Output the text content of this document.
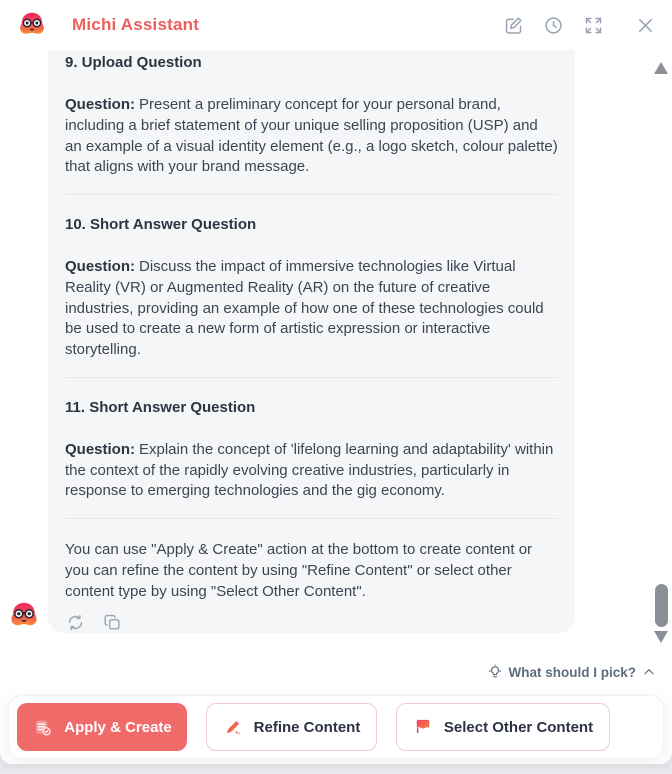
Michi Assistant
9. Upload Question

Question: Present a preliminary concept for your personal brand, including a brief statement of your unique selling proposition (USP) and an example of a visual identity element (e.g., a logo sketch, colour palette) that aligns with your brand message.

10. Short Answer Question

Question: Discuss the impact of immersive technologies like Virtual Reality (VR) or Augmented Reality (AR) on the future of creative industries, providing an example of how one of these technologies could be used to create a new form of artistic expression or interactive storytelling.

11. Short Answer Question

Question: Explain the concept of 'lifelong learning and adaptability' within the context of the rapidly evolving creative industries, particularly in response to emerging technologies and the gig economy.

You can use "Apply & Create" action at the bottom to create content or you can refine the content by using "Refine Content" or select other content type by using "Select Other Content".

What should I pick?
Apply & Create	Refine Content	Select Other Content
